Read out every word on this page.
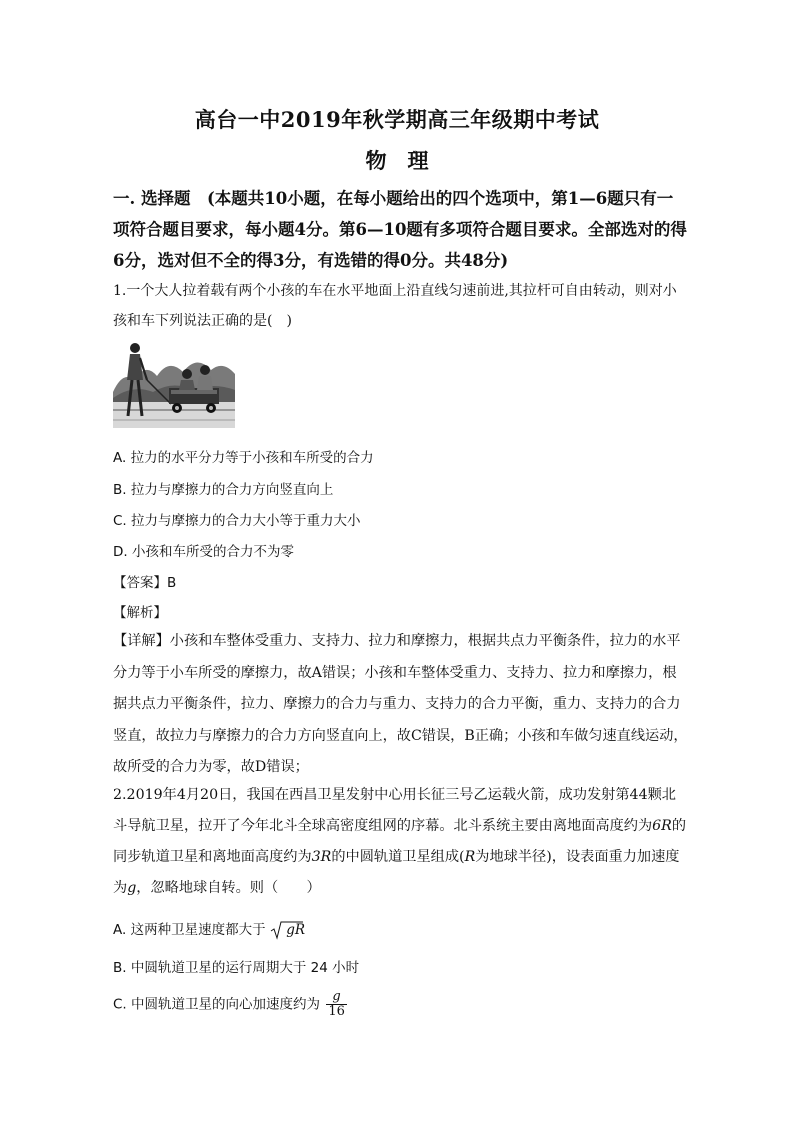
高台一中2019年秋学期高三年级期中考试
物　理
一. 选择题　(本题共10小题，在每小题给出的四个选项中，第1—6题只有一项符合题目要求，每小题4分。第6—10题有多项符合题目要求。全部选对的得6分，选对但不全的得3分，有选错的得0分。共48分)
1.一个大人拉着载有两个小孩的车在水平地面上沿直线匀速前进,其拉杆可自由转动，则对小孩和车下列说法正确的是(　)
A. 拉力的水平分力等于小孩和车所受的合力
B. 拉力与摩擦力的合力方向竖直向上
C. 拉力与摩擦力的合力大小等于重力大小
D. 小孩和车所受的合力不为零
【答案】B
【解析】
【详解】小孩和车整体受重力、支持力、拉力和摩擦力，根据共点力平衡条件，拉力的水平分力等于小车所受的摩擦力，故A错误；小孩和车整体受重力、支持力、拉力和摩擦力，根据共点力平衡条件，拉力、摩擦力的合力与重力、支持力的合力平衡，重力、支持力的合力竖直，故拉力与摩擦力的合力方向竖直向上，故C错误，B正确；小孩和车做匀速直线运动，故所受的合力为零，故D错误；
2.2019年4月20日，我国在西昌卫星发射中心用长征三号乙运载火箭，成功发射第44颗北斗导航卫星，拉开了今年北斗全球高密度组网的序幕。北斗系统主要由离地面高度约为6R的同步轨道卫星和离地面高度约为3R的中圆轨道卫星组成(R为地球半径)，设表面重力加速度为g，忽略地球自转。则（　　）
A. 这两种卫星速度都大于 gR
B. 中圆轨道卫星的运行周期大于 24 小时
C. 中圆轨道卫星的向心加速度约为 $\frac{g}{16}$
